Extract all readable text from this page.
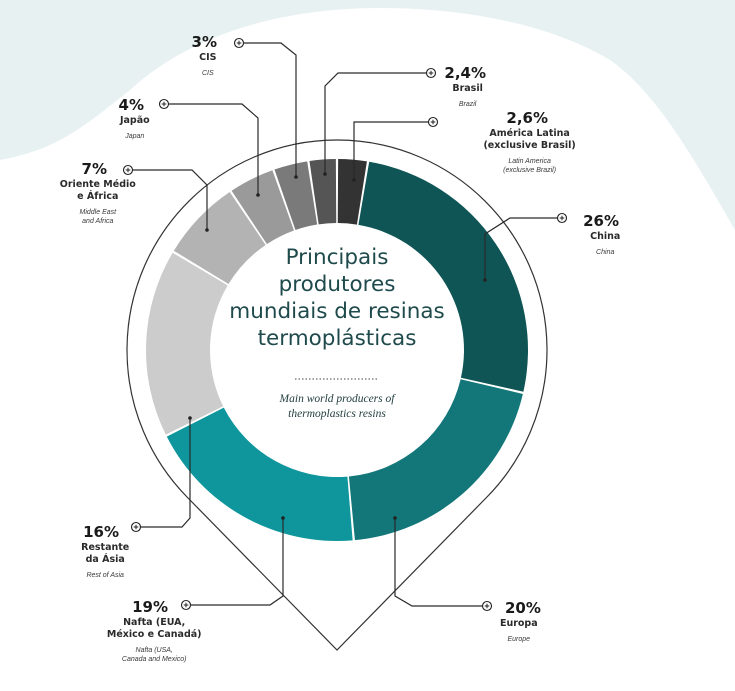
Principais
produtores
mundiais de resinas
termoplásticas
Main world producers of
thermoplastics resins
2,6%
América Latina
(exclusive Brasil)
Latin America
(exclusive Brazil)
26%
China
China
20%
Europa
Europe
19%
Nafta (EUA,
México e Canadá)
Nafta (USA,
Canada and Mexico)
16%
Restante
da Ásia
Rest of Asia
7%
Oriente Médio
e África
Middle East
and Africa
4%
Japão
Japan
3%
CIS
CIS	2,4%
Brasil
Brazil
